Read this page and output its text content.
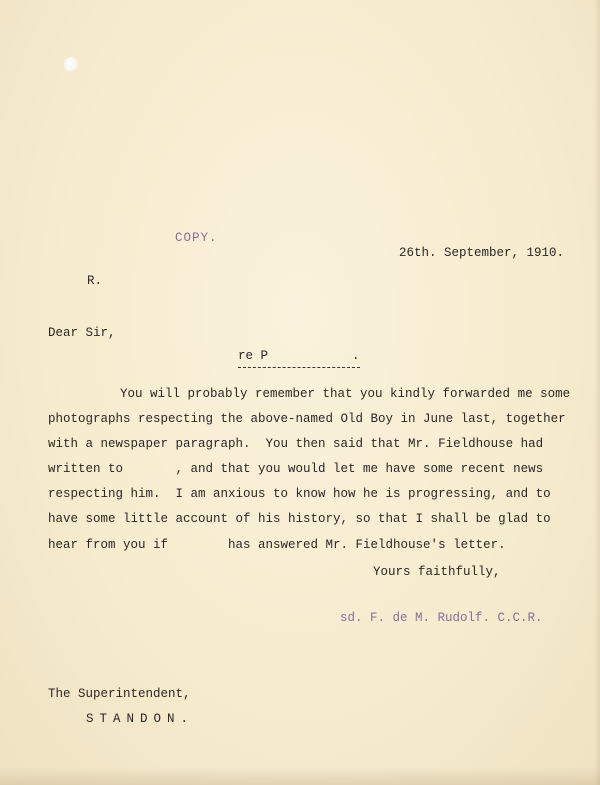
COPY.
26th. September, 1910.
R.
Dear Sir,
re P	.
You will probably remember that you kindly forwarded me some
photographs respecting the above-named Old Boy in June last, together
with a newspaper paragraph.  You then said that Mr. Fieldhouse had
written to       , and that you would let me have some recent news
respecting him.  I am anxious to know how he is progressing, and to
have some little account of his history, so that I shall be glad to
hear from you if        has answered Mr. Fieldhouse's letter.
Yours faithfully,
sd. F. de M. Rudolf. C.C.R.
The Superintendent,
STANDON.
